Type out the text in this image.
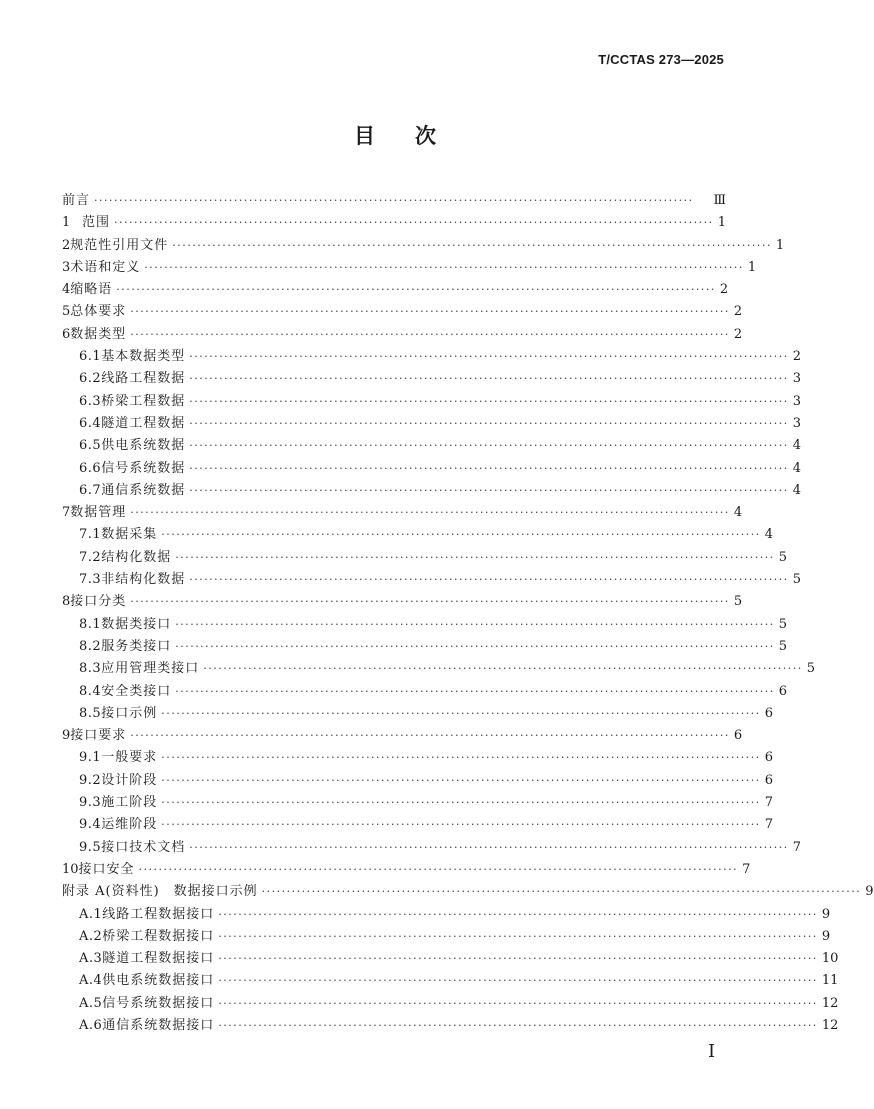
T/CCTAS 273—2025
目次
前言 ························································································································	Ⅲ
1 范围 ························································································································ 1
2 规范性引用文件 ························································································································ 1
3 术语和定义 ························································································································ 1
4 缩略语 ························································································································ 2
5 总体要求 ························································································································ 2
6 数据类型 ························································································································ 2
6.1 基本数据类型 ························································································································ 2
6.2 线路工程数据 ························································································································ 3
6.3 桥梁工程数据 ························································································································ 3
6.4 隧道工程数据 ························································································································ 3
6.5 供电系统数据 ························································································································ 4
6.6 信号系统数据 ························································································································ 4
6.7 通信系统数据 ························································································································ 4
7 数据管理 ························································································································ 4
7.1 数据采集 ························································································································ 4
7.2 结构化数据 ························································································································ 5
7.3 非结构化数据 ························································································································ 5
8 接口分类 ························································································································ 5
8.1 数据类接口 ························································································································ 5
8.2 服务类接口 ························································································································ 5
8.3 应用管理类接口 ························································································································ 5
8.4 安全类接口 ························································································································ 6
8.5 接口示例 ························································································································ 6
9 接口要求 ························································································································ 6
9.1 一般要求 ························································································································ 6
9.2 设计阶段 ························································································································ 6
9.3 施工阶段 ························································································································ 7
9.4 运维阶段 ························································································································ 7
9.5 接口技术文档 ························································································································ 7
10 接口安全 ························································································································ 7
附录 A(资料性)　数据接口示例 ························································································································ 9
A.1 线路工程数据接口 ························································································································ 9
A.2 桥梁工程数据接口 ························································································································ 9
A.3 隧道工程数据接口 ························································································································ 10
A.4 供电系统数据接口 ························································································································ 11
A.5 信号系统数据接口 ························································································································ 12
A.6 通信系统数据接口 ························································································································ 12
I
